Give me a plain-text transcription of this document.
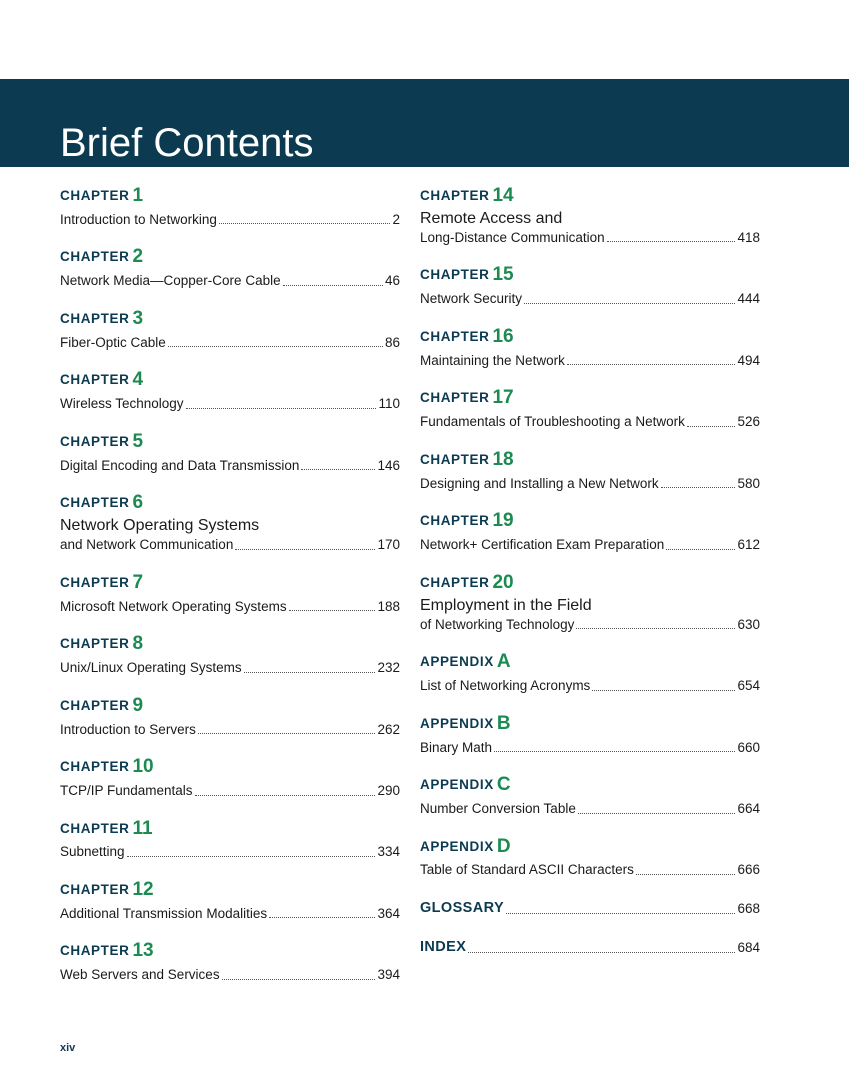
Brief Contents
CHAPTER 1
Introduction to Networking	2
CHAPTER 2
Network Media—Copper-Core Cable	46
CHAPTER 3
Fiber-Optic Cable	86
CHAPTER 4
Wireless Technology	110
CHAPTER 5
Digital Encoding and Data Transmission	146
CHAPTER 6
Network Operating Systems
and Network Communication	170
CHAPTER 7
Microsoft Network Operating Systems	188
CHAPTER 8
Unix/Linux Operating Systems	232
CHAPTER 9
Introduction to Servers	262
CHAPTER 10
TCP/IP Fundamentals	290
CHAPTER 11
Subnetting	334
CHAPTER 12
Additional Transmission Modalities	364
CHAPTER 13
Web Servers and Services	394
CHAPTER 14
Remote Access and
Long-Distance Communication	418
CHAPTER 15
Network Security	444
CHAPTER 16
Maintaining the Network	494
CHAPTER 17
Fundamentals of Troubleshooting a Network	526
CHAPTER 18
Designing and Installing a New Network	580
CHAPTER 19
Network+ Certification Exam Preparation	612
CHAPTER 20
Employment in the Field
of Networking Technology	630
APPENDIX A
List of Networking Acronyms	654
APPENDIX B
Binary Math	660
APPENDIX C
Number Conversion Table	664
APPENDIX D
Table of Standard ASCII Characters	666
GLOSSARY	668
INDEX	684
xiv
